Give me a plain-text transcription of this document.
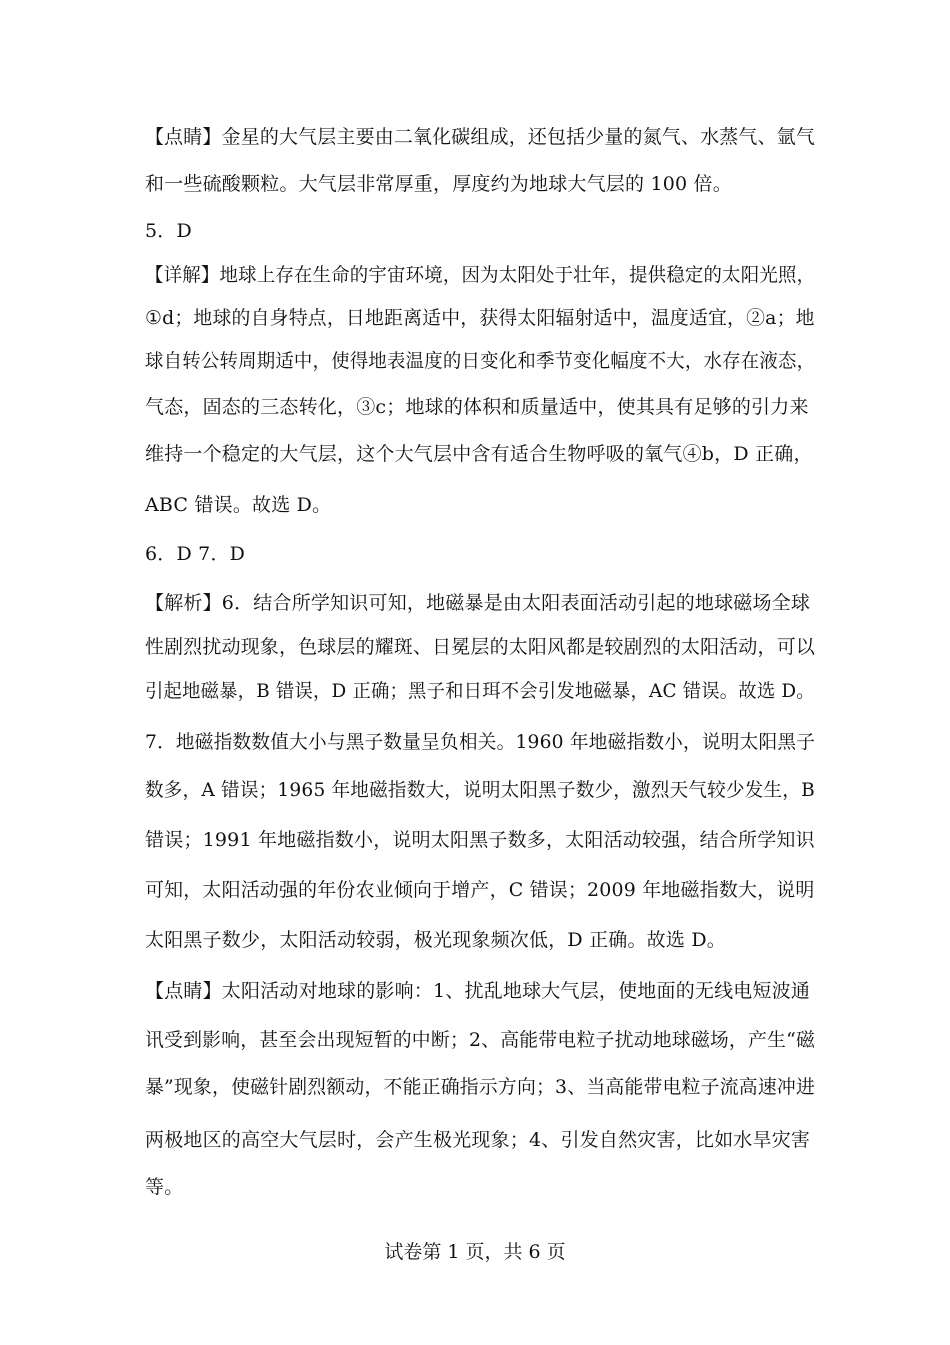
【点睛】金星的大气层主要由二氧化碳组成，还包括少量的氮气、水蒸气、氩气
和一些硫酸颗粒。大气层非常厚重，厚度约为地球大气层的 100 倍。
5．D
【详解】地球上存在生命的宇宙环境，因为太阳处于壮年，提供稳定的太阳光照，
①d；地球的自身特点，日地距离适中，获得太阳辐射适中，温度适宜，②a；地
球自转公转周期适中，使得地表温度的日变化和季节变化幅度不大，水存在液态，
气态，固态的三态转化，③c；地球的体积和质量适中，使其具有足够的引力来
维持一个稳定的大气层，这个大气层中含有适合生物呼吸的氧气④b，D 正确，
ABC 错误。故选 D。
6．D 7．D
【解析】6．结合所学知识可知，地磁暴是由太阳表面活动引起的地球磁场全球
性剧烈扰动现象，色球层的耀斑、日冕层的太阳风都是较剧烈的太阳活动，可以
引起地磁暴，B 错误，D 正确；黑子和日珥不会引发地磁暴，AC 错误。故选 D。
7．地磁指数数值大小与黑子数量呈负相关。1960 年地磁指数小，说明太阳黑子
数多，A 错误；1965 年地磁指数大，说明太阳黑子数少，激烈天气较少发生，B
错误；1991 年地磁指数小，说明太阳黑子数多，太阳活动较强，结合所学知识
可知，太阳活动强的年份农业倾向于增产，C 错误；2009 年地磁指数大，说明
太阳黑子数少，太阳活动较弱，极光现象频次低，D 正确。故选 D。
【点睛】太阳活动对地球的影响：1、扰乱地球大气层，使地面的无线电短波通
讯受到影响，甚至会出现短暂的中断；2、高能带电粒子扰动地球磁场，产生“磁
暴”现象，使磁针剧烈额动，不能正确指示方向；3、当高能带电粒子流高速冲进
两极地区的高空大气层时，会产生极光现象；4、引发自然灾害，比如水旱灾害
等。
试卷第 1 页，共 6 页
